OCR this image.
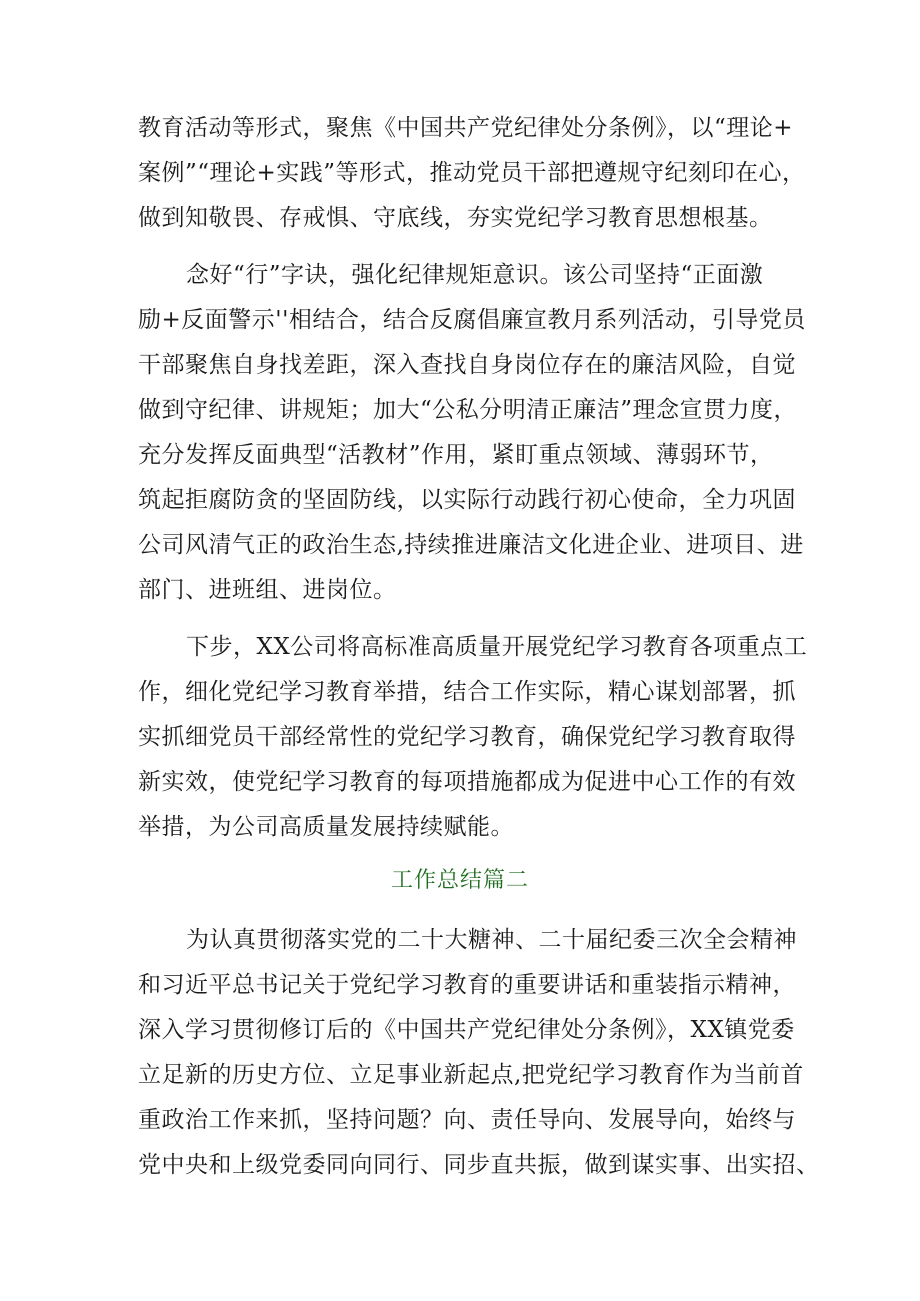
教育活动等形式，聚焦《中国共产党纪律处分条例》，以“理论+
案例”“理论+实践”等形式，推动党员干部把遵规守纪刻印在心，
做到知敬畏、存戒惧、守底线，夯实党纪学习教育思想根基。
念好“行”字诀，强化纪律规矩意识。该公司坚持“正面激
励+反面警示''相结合，结合反腐倡廉宣教月系列活动，引导党员
干部聚焦自身找差距，深入查找自身岗位存在的廉洁风险，自觉
做到守纪律、讲规矩；加大“公私分明清正廉洁”理念宣贯力度，
充分发挥反面典型“活教材”作用，紧盯重点领域、薄弱环节，
筑起拒腐防贪的坚固防线，以实际行动践行初心使命，全力巩固
公司风清气正的政治生态,持续推进廉洁文化进企业、进项目、进
部门、进班组、进岗位。
下步，XX公司将高标准高质量开展党纪学习教育各项重点工
作，细化党纪学习教育举措，结合工作实际，精心谋划部署，抓
实抓细党员干部经常性的党纪学习教育，确保党纪学习教育取得
新实效，使党纪学习教育的每项措施都成为促进中心工作的有效
举措，为公司高质量发展持续赋能。
工作总结篇二
为认真贯彻落实党的二十大糖神、二十届纪委三次全会精神
和习近平总书记关于党纪学习教育的重要讲话和重装指示精神，
深入学习贯彻修订后的《中国共产党纪律处分条例》，XX镇党委
立足新的历史方位、立足事业新起点,把党纪学习教育作为当前首
重政治工作来抓，坚持问题？向、责任导向、发展导向，始终与
党中央和上级党委同向同行、同步直共振，做到谋实事、出实招、
